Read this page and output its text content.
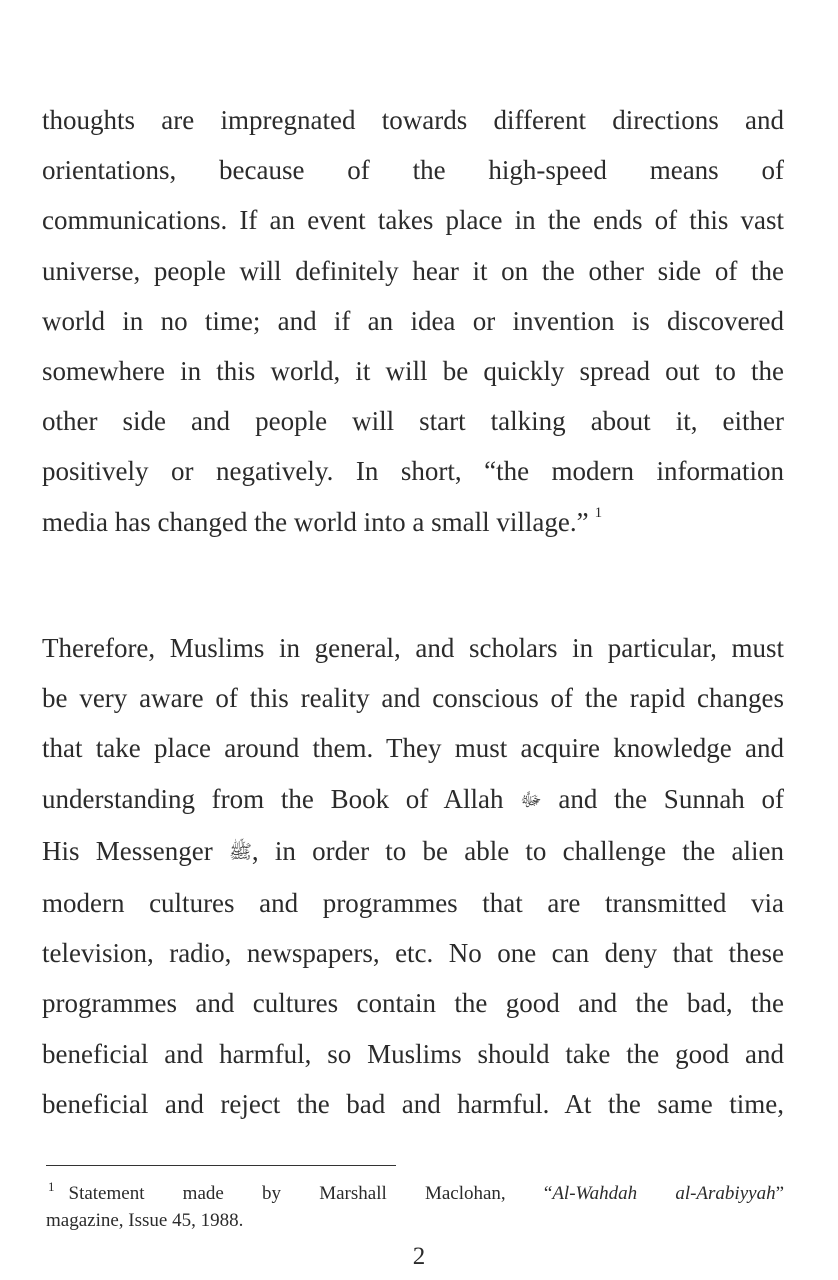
thoughts are impregnated towards different directions and
orientations, because of the high-speed means of
communications. If an event takes place in the ends of this vast
universe, people will definitely hear it on the other side of the
world in no time; and if an idea or invention is discovered
somewhere in this world, it will be quickly spread out to the
other side and people will start talking about it, either
positively or negatively. In short, “the modern information
media has changed the world into a small village.” $^1$
Therefore, Muslims in general, and scholars in particular, must
be very aware of this reality and conscious of the rapid changes
that take place around them. They must acquire knowledge and
understanding from the Book of Allah ﷻ and the Sunnah of
His Messenger ﷺ, in order to be able to challenge the alien
modern cultures and programmes that are transmitted via
television, radio, newspapers, etc. No one can deny that these
programmes and cultures contain the good and the bad, the
beneficial and harmful, so Muslims should take the good and
beneficial and reject the bad and harmful. At the same time,
$^1$ Statement made by Marshall Maclohan, “Al-Wahdah al-Arabiyyah”
magazine, Issue 45, 1988.
2
